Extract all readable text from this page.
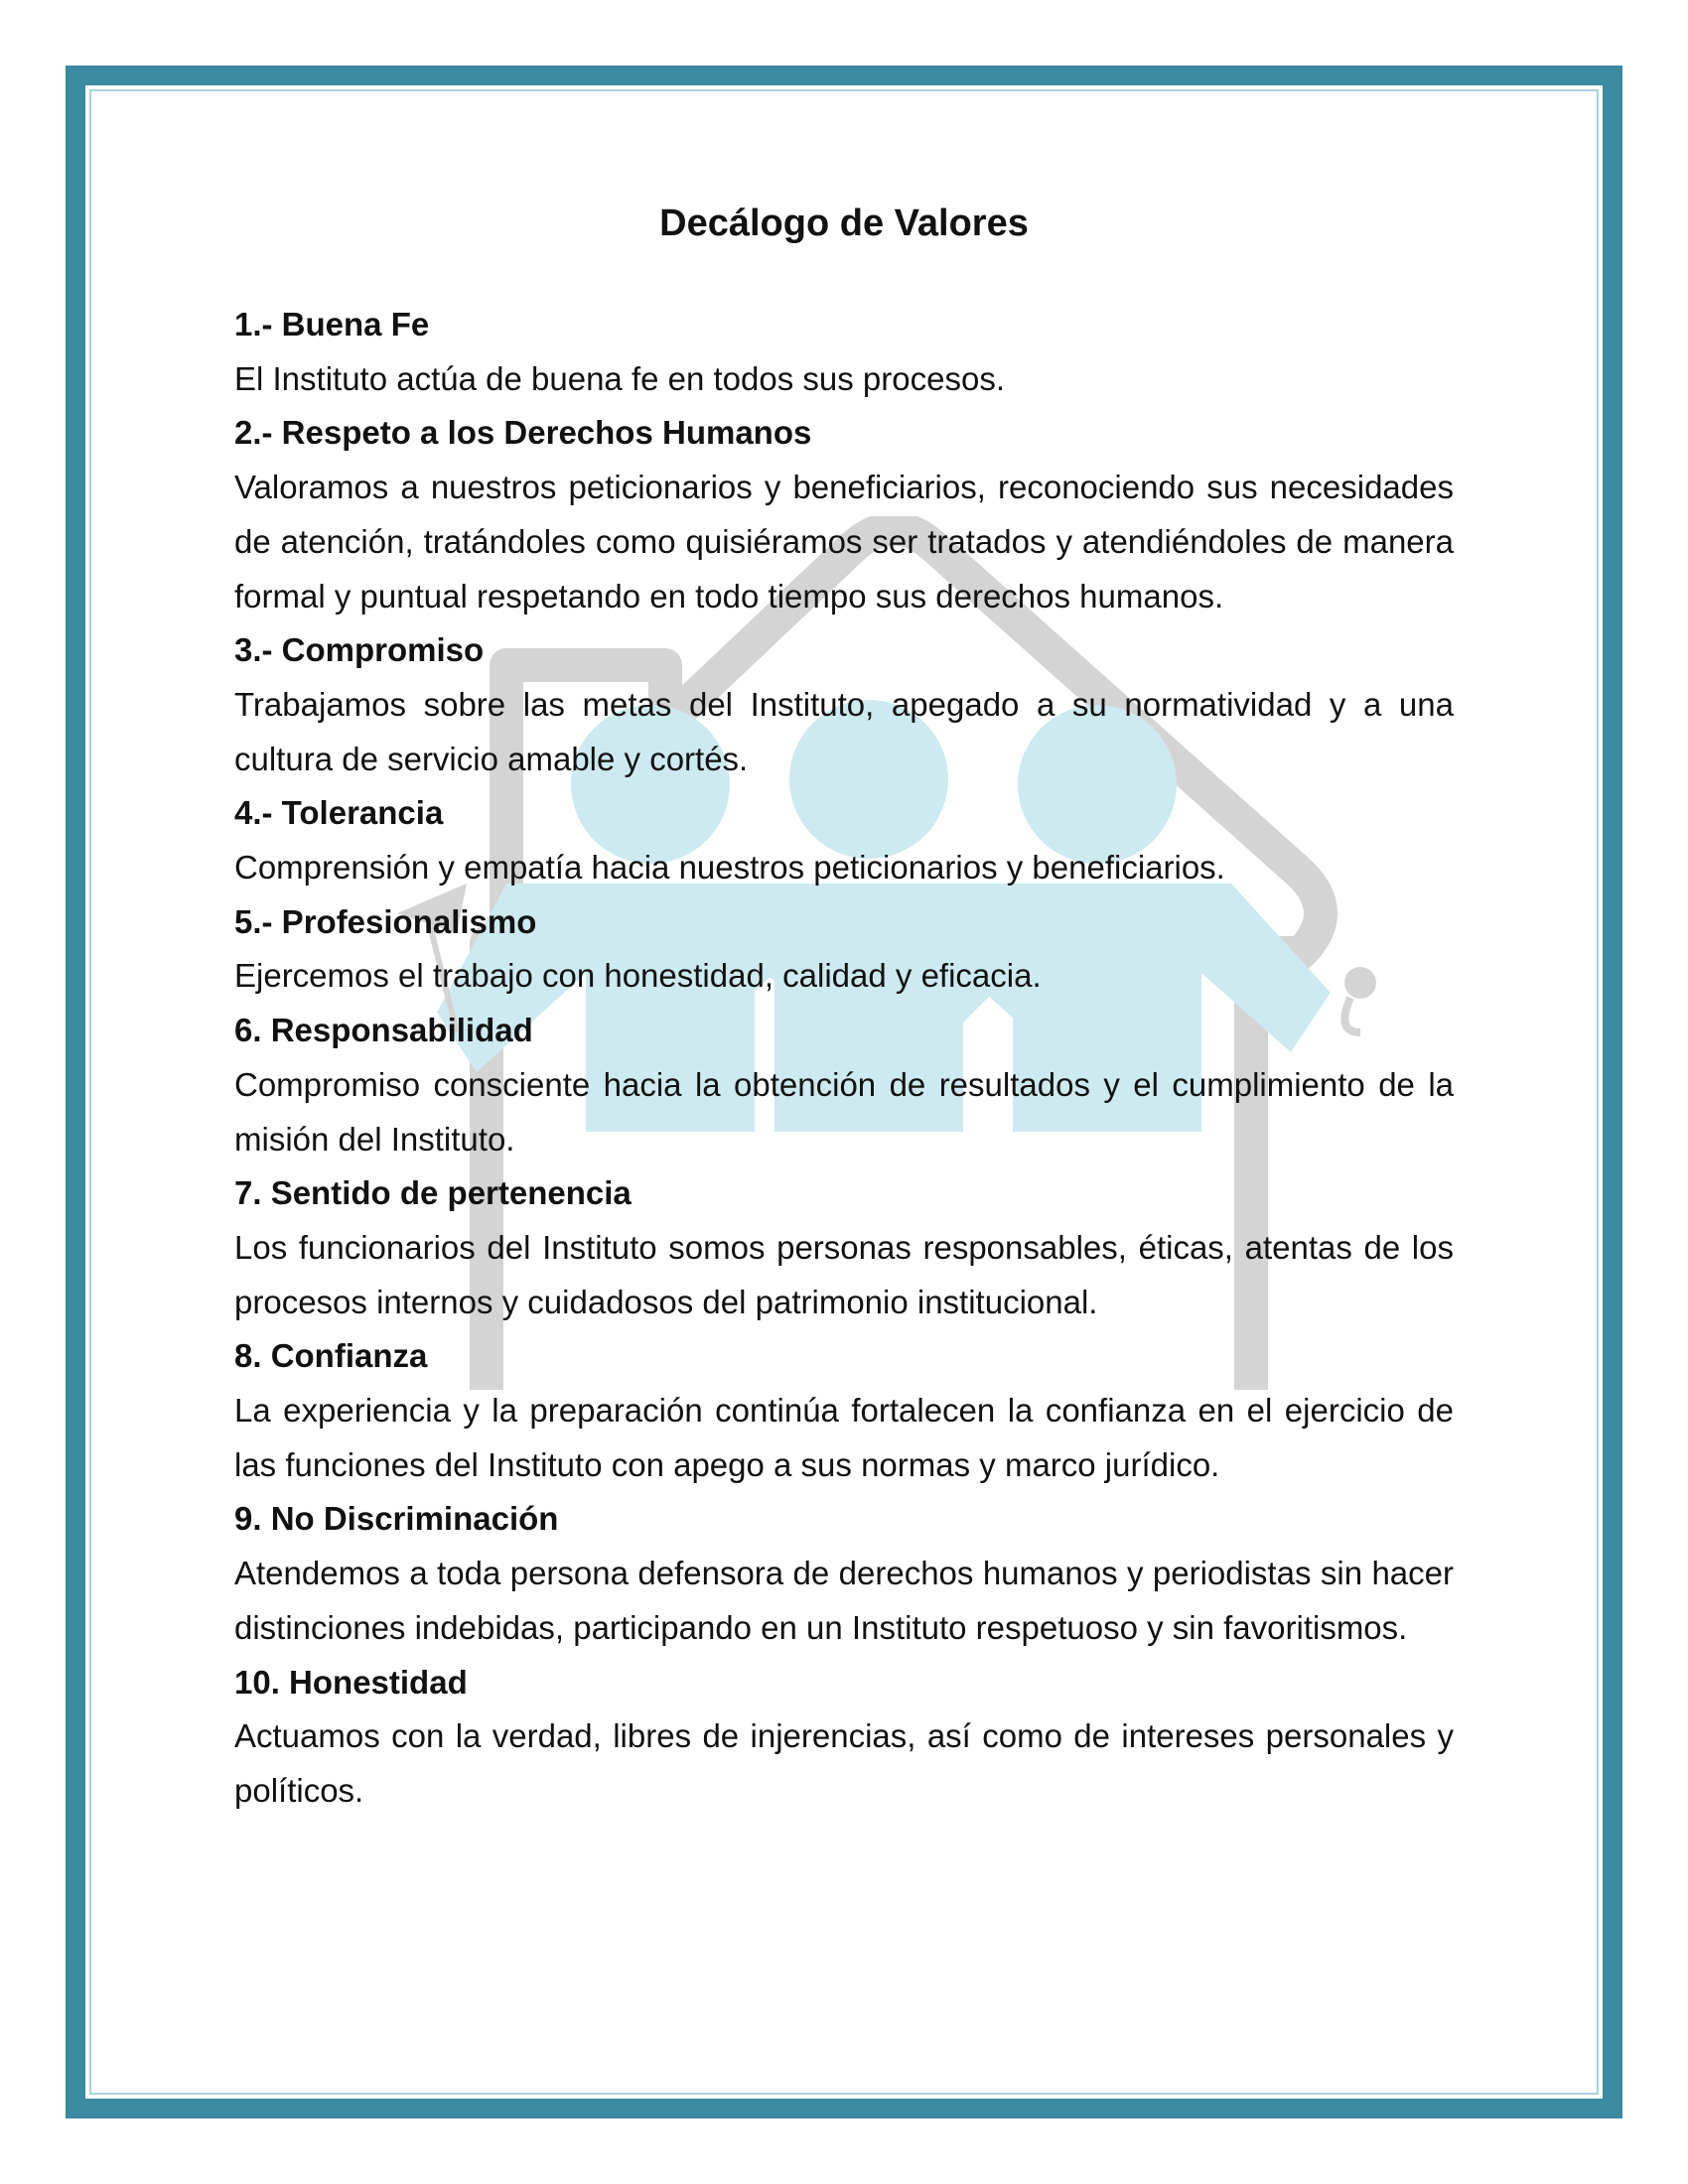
Decálogo de Valores

1.- Buena Fe

El Instituto actúa de buena fe en todos sus procesos.

2.- Respeto a los Derechos Humanos

Valoramos a nuestros peticionarios y beneficiarios, reconociendo sus necesidades de atención, tratándoles como quisiéramos ser tratados y atendiéndoles de manera formal y puntual respetando en todo tiempo sus derechos humanos.

3.- Compromiso

Trabajamos sobre las metas del Instituto, apegado a su normatividad y a una cultura de servicio amable y cortés.

4.- Tolerancia

Comprensión y empatía hacia nuestros peticionarios y beneficiarios.

5.- Profesionalismo

Ejercemos el trabajo con honestidad, calidad y eficacia.

6. Responsabilidad

Compromiso consciente hacia la obtención de resultados y el cumplimiento de la misión del Instituto.

7. Sentido de pertenencia

Los funcionarios del Instituto somos personas responsables, éticas, atentas de los procesos internos y cuidadosos del patrimonio institucional.

8. Confianza

La experiencia y la preparación continúa fortalecen la confianza en el ejercicio de las funciones del Instituto con apego a sus normas y marco jurídico.

9. No Discriminación

Atendemos a toda persona defensora de derechos humanos y periodistas sin hacer distinciones indebidas, participando en un Instituto respetuoso y sin favoritismos.

10. Honestidad

Actuamos con la verdad, libres de injerencias, así como de intereses personales y políticos.
